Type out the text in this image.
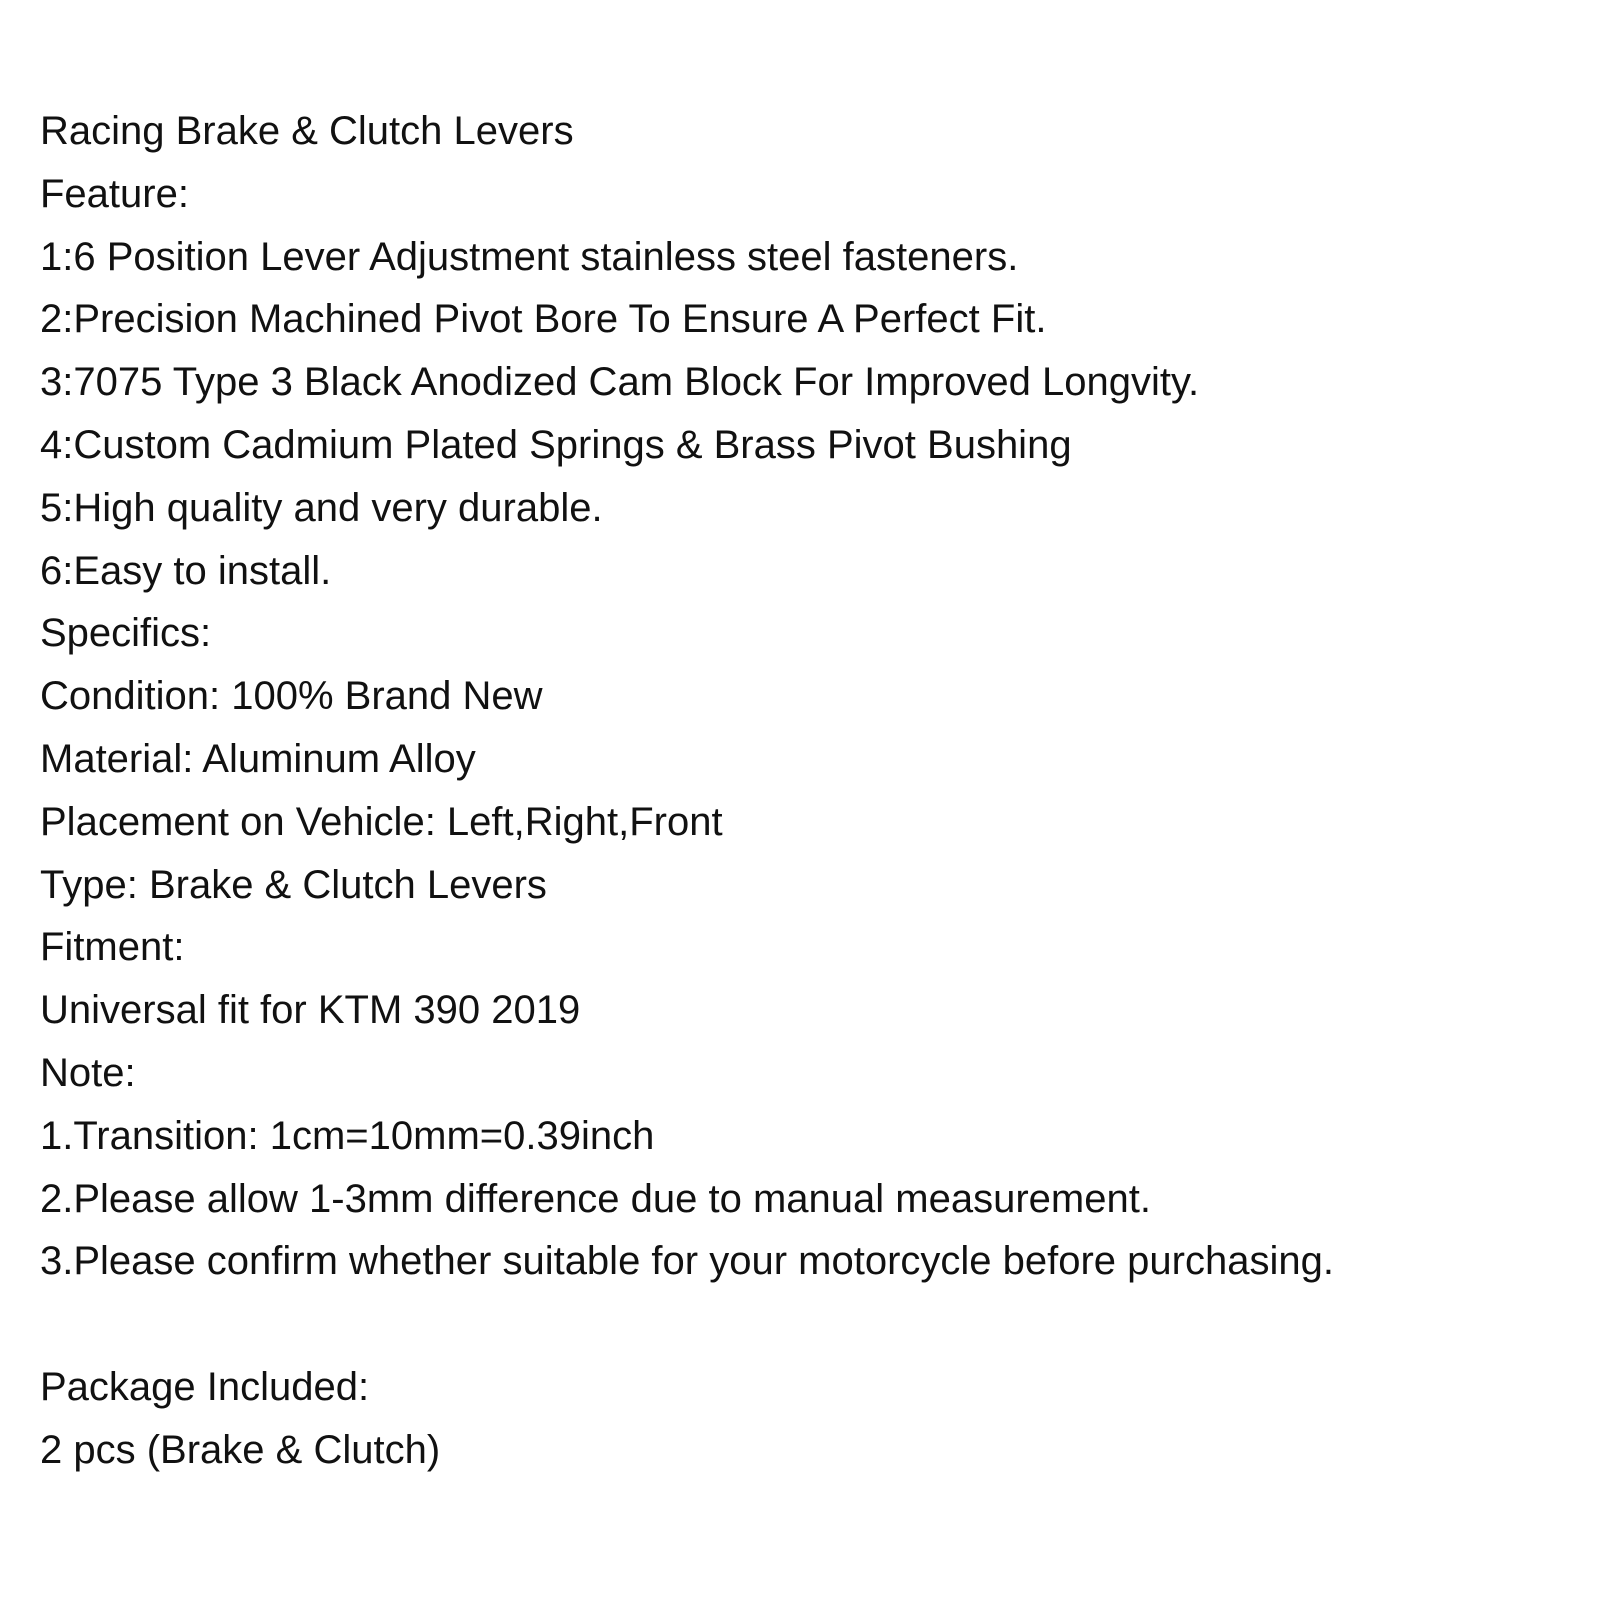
Racing Brake & Clutch Levers
Feature:
1:6 Position Lever Adjustment stainless steel fasteners.
2:Precision Machined Pivot Bore To Ensure A Perfect Fit.
3:7075 Type 3 Black Anodized Cam Block For Improved Longvity.
4:Custom Cadmium Plated Springs & Brass Pivot Bushing
5:High quality and very durable.
6:Easy to install.
Specifics:
Condition: 100% Brand New
Material: Aluminum Alloy
Placement on Vehicle: Left,Right,Front
Type: Brake & Clutch Levers
Fitment:
Universal fit for KTM 390 2019
Note:
1.Transition: 1cm=10mm=0.39inch
2.Please allow 1-3mm difference due to manual measurement.
3.Please confirm whether suitable for your motorcycle before purchasing.
Package Included:
2 pcs (Brake & Clutch)
